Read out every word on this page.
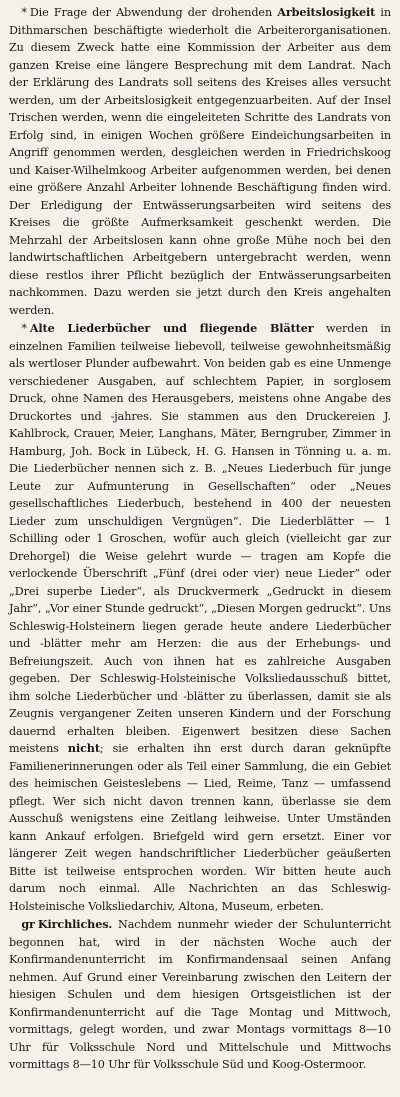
* Die Frage der Abwendung der drohenden Arbeitslosigkeit in Dithmarschen beschäftigte wiederholt die Arbeiterorganisationen. Zu diesem Zweck hatte eine Kommission der Arbeiter aus dem ganzen Kreise eine längere Besprechung mit dem Landrat. Nach der Erklärung des Landrats soll seitens des Kreises alles versucht werden, um der Arbeitslosigkeit entgegenzuarbeiten. Auf der Insel Trischen werden, wenn die eingeleiteten Schritte des Landrats von Erfolg sind, in einigen Wochen größere Eindeichungsarbeiten in Angriff genommen werden, desgleichen werden in Friedrichskoog und Kaiser-Wilhelmkoog Arbeiter aufgenommen werden, bei denen eine größere Anzahl Arbeiter lohnende Beschäftigung finden wird. Der Erledigung der Entwässerungsarbeiten wird seitens des Kreises die größte Aufmerksamkeit geschenkt werden. Die Mehrzahl der Arbeitslosen kann ohne große Mühe noch bei den landwirtschaftlichen Arbeitgebern untergebracht werden, wenn diese restlos ihrer Pflicht bezüglich der Entwässerungsarbeiten nachkommen. Dazu werden sie jetzt durch den Kreis angehalten werden.

* Alte Liederbücher und fliegende Blätter werden in einzelnen Familien teilweise liebevoll, teilweise gewohnheitsmäßig als wertloser Plunder aufbewahrt. Von beiden gab es eine Unmenge verschiedener Ausgaben, auf schlechtem Papier, in sorglosem Druck, ohne Namen des Herausgebers, meistens ohne Angabe des Druckortes und -jahres. Sie stammen aus den Druckereien J. Kahlbrock, Crauer, Meier, Langhans, Mäter, Berngruber, Zimmer in Hamburg, Joh. Bock in Lübeck, H. G. Hansen in Tönning u. a. m. Die Liederbücher nennen sich z. B. „Neues Liederbuch für junge Leute zur Aufmunterung in Gesellschaften“ oder „Neues gesellschaftliches Liederbuch, bestehend in 400 der neuesten Lieder zum unschuldigen Vergnügen“. Die Liederblätter — 1 Schilling oder 1 Groschen, wofür auch gleich (vielleicht gar zur Drehorgel) die Weise gelehrt wurde — tragen am Kopfe die verlockende Überschrift „Fünf (drei oder vier) neue Lieder“ oder „Drei superbe Lieder“, als Druckvermerk „Gedruckt in diesem Jahr“, „Vor einer Stunde gedruckt“, „Diesen Morgen gedruckt“. Uns Schleswig-Holsteinern liegen gerade heute andere Liederbücher und -blätter mehr am Herzen: die aus der Erhebungs- und Befreiungszeit. Auch von ihnen hat es zahlreiche Ausgaben gegeben. Der Schleswig-Holsteinische Volksliedausschuß bittet, ihm solche Liederbücher und -blätter zu überlassen, damit sie als Zeugnis vergangener Zeiten unseren Kindern und der Forschung dauernd erhalten bleiben. Eigenwert besitzen diese Sachen meistens nicht; sie erhalten ihn erst durch daran geknüpfte Familienerinnerungen oder als Teil einer Sammlung, die ein Gebiet des heimischen Geisteslebens — Lied, Reime, Tanz — umfassend pflegt. Wer sich nicht davon trennen kann, überlasse sie dem Ausschuß wenigstens eine Zeitlang leihweise. Unter Umständen kann Ankauf erfolgen. Briefgeld wird gern ersetzt. Einer vor längerer Zeit wegen handschriftlicher Liederbücher geäußerten Bitte ist teilweise entsprochen worden. Wir bitten heute auch darum noch einmal. Alle Nachrichten an das Schleswig-Holsteinische Volksliedarchiv, Altona, Museum, erbeten.

gr Kirchliches. Nachdem nunmehr wieder der Schulunterricht begonnen hat, wird in der nächsten Woche auch der Konfirmandenunterricht im Konfirmandensaal seinen Anfang nehmen. Auf Grund einer Vereinbarung zwischen den Leitern der hiesigen Schulen und dem hiesigen Ortsgeistlichen ist der Konfirmandenunterricht auf die Tage Montag und Mittwoch, vormittags, gelegt worden, und zwar Montags vormittags 8—10 Uhr für Volksschule Nord und Mittelschule und Mittwochs vormittags 8—10 Uhr für Volksschule Süd und Koog-Ostermoor.
